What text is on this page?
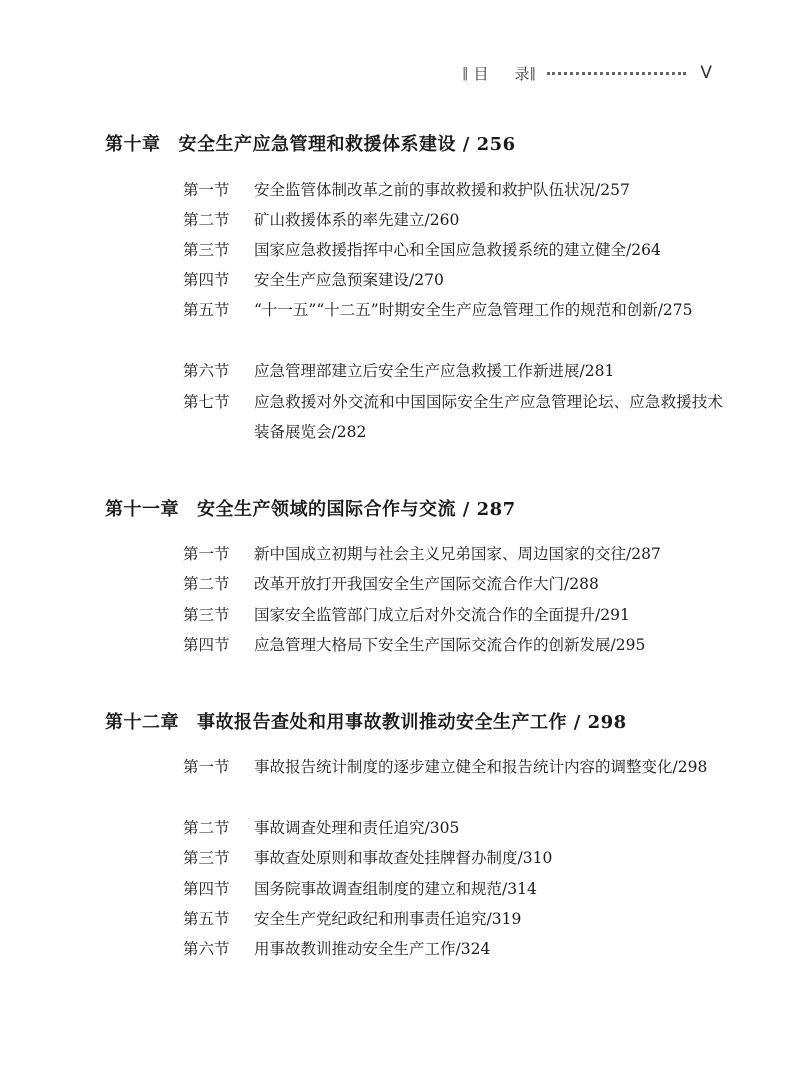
‖ 目 录 ‖	V
第十章 安全生产应急管理和救援体系建设 / 256
第一节	安全监管体制改革之前的事故救援和救护队伍状况/257
第二节	矿山救援体系的率先建立/260
第三节	国家应急救援指挥中心和全国应急救援系统的建立健全/264
第四节	安全生产应急预案建设/270
第五节	“十一五”“十二五”时期安全生产应急管理工作的规范和创新/275
第六节	应急管理部建立后安全生产应急救援工作新进展/281
第七节	应急救援对外交流和中国国际安全生产应急管理论坛、应急救援技术装备展览会/282
第十一章 安全生产领域的国际合作与交流 / 287
第一节	新中国成立初期与社会主义兄弟国家、周边国家的交往/287
第二节	改革开放打开我国安全生产国际交流合作大门/288
第三节	国家安全监管部门成立后对外交流合作的全面提升/291
第四节	应急管理大格局下安全生产国际交流合作的创新发展/295
第十二章 事故报告查处和用事故教训推动安全生产工作 / 298
第一节	事故报告统计制度的逐步建立健全和报告统计内容的调整变化/298
第二节	事故调查处理和责任追究/305
第三节	事故查处原则和事故查处挂牌督办制度/310
第四节	国务院事故调查组制度的建立和规范/314
第五节	安全生产党纪政纪和刑事责任追究/319
第六节	用事故教训推动安全生产工作/324
